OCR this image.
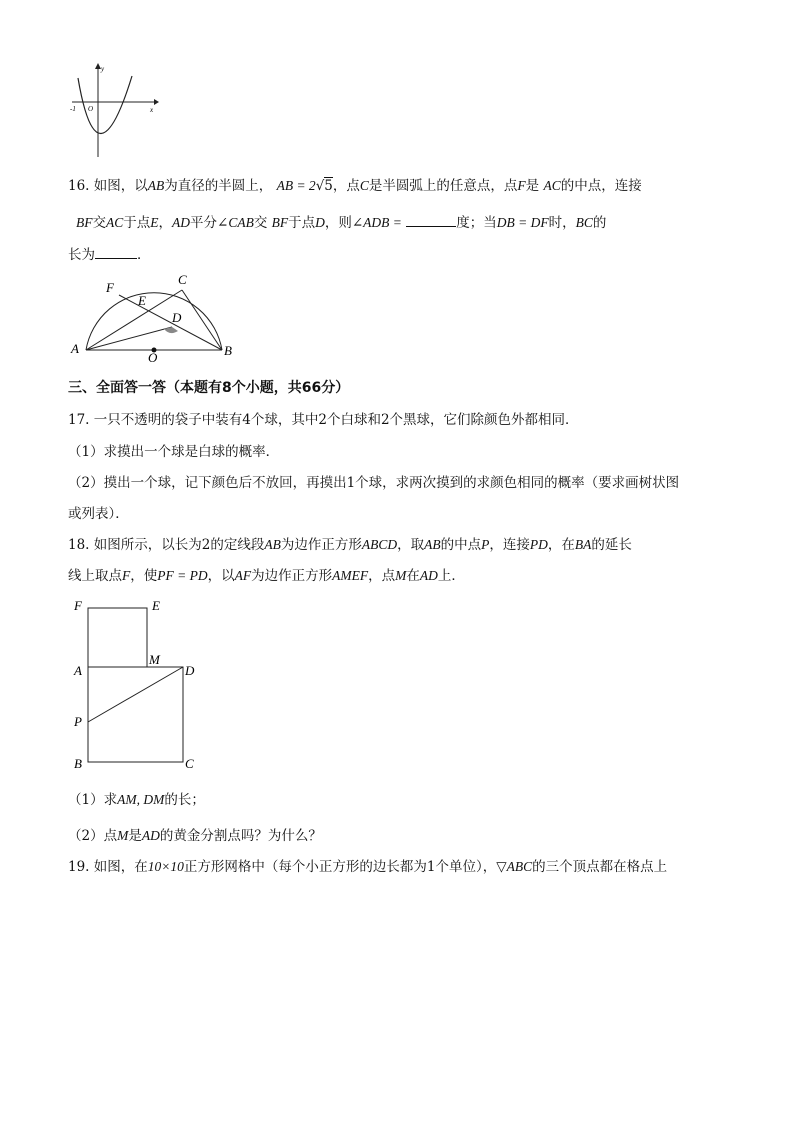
y
x
O
-1
16. 如图，以AB为直径的半圆上， AB = 2√5，点C是半圆弧上的任意点，点F是 AC的中点，连接
BF交AC于点E，AD平分∠CAB交 BF于点D，则∠ADB =	度；当DB = DF时，BC的
长为	．
F
C
E
D
A
O	B
三、全面答一答（本题有8个小题，共66分）
17. 一只不透明的袋子中装有4个球，其中2个白球和2个黑球，它们除颜色外都相同．
（1）求摸出一个球是白球的概率．
（2）摸出一个球，记下颜色后不放回，再摸出1个球，求两次摸到的求颜色相同的概率（要求画树状图
或列表）．
18. 如图所示，以长为2的定线段AB为边作正方形ABCD，取AB的中点P，连接PD，在BA的延长
线上取点F，使PF = PD，以AF为边作正方形AMEF，点M在AD上．
F	E
M
A	D
P
B	C
（1）求AM, DM的长；
（2）点M是AD的黄金分割点吗？为什么？
19. 如图，在10×10正方形网格中（每个小正方形的边长都为1个单位），▽ABC的三个顶点都在格点上
